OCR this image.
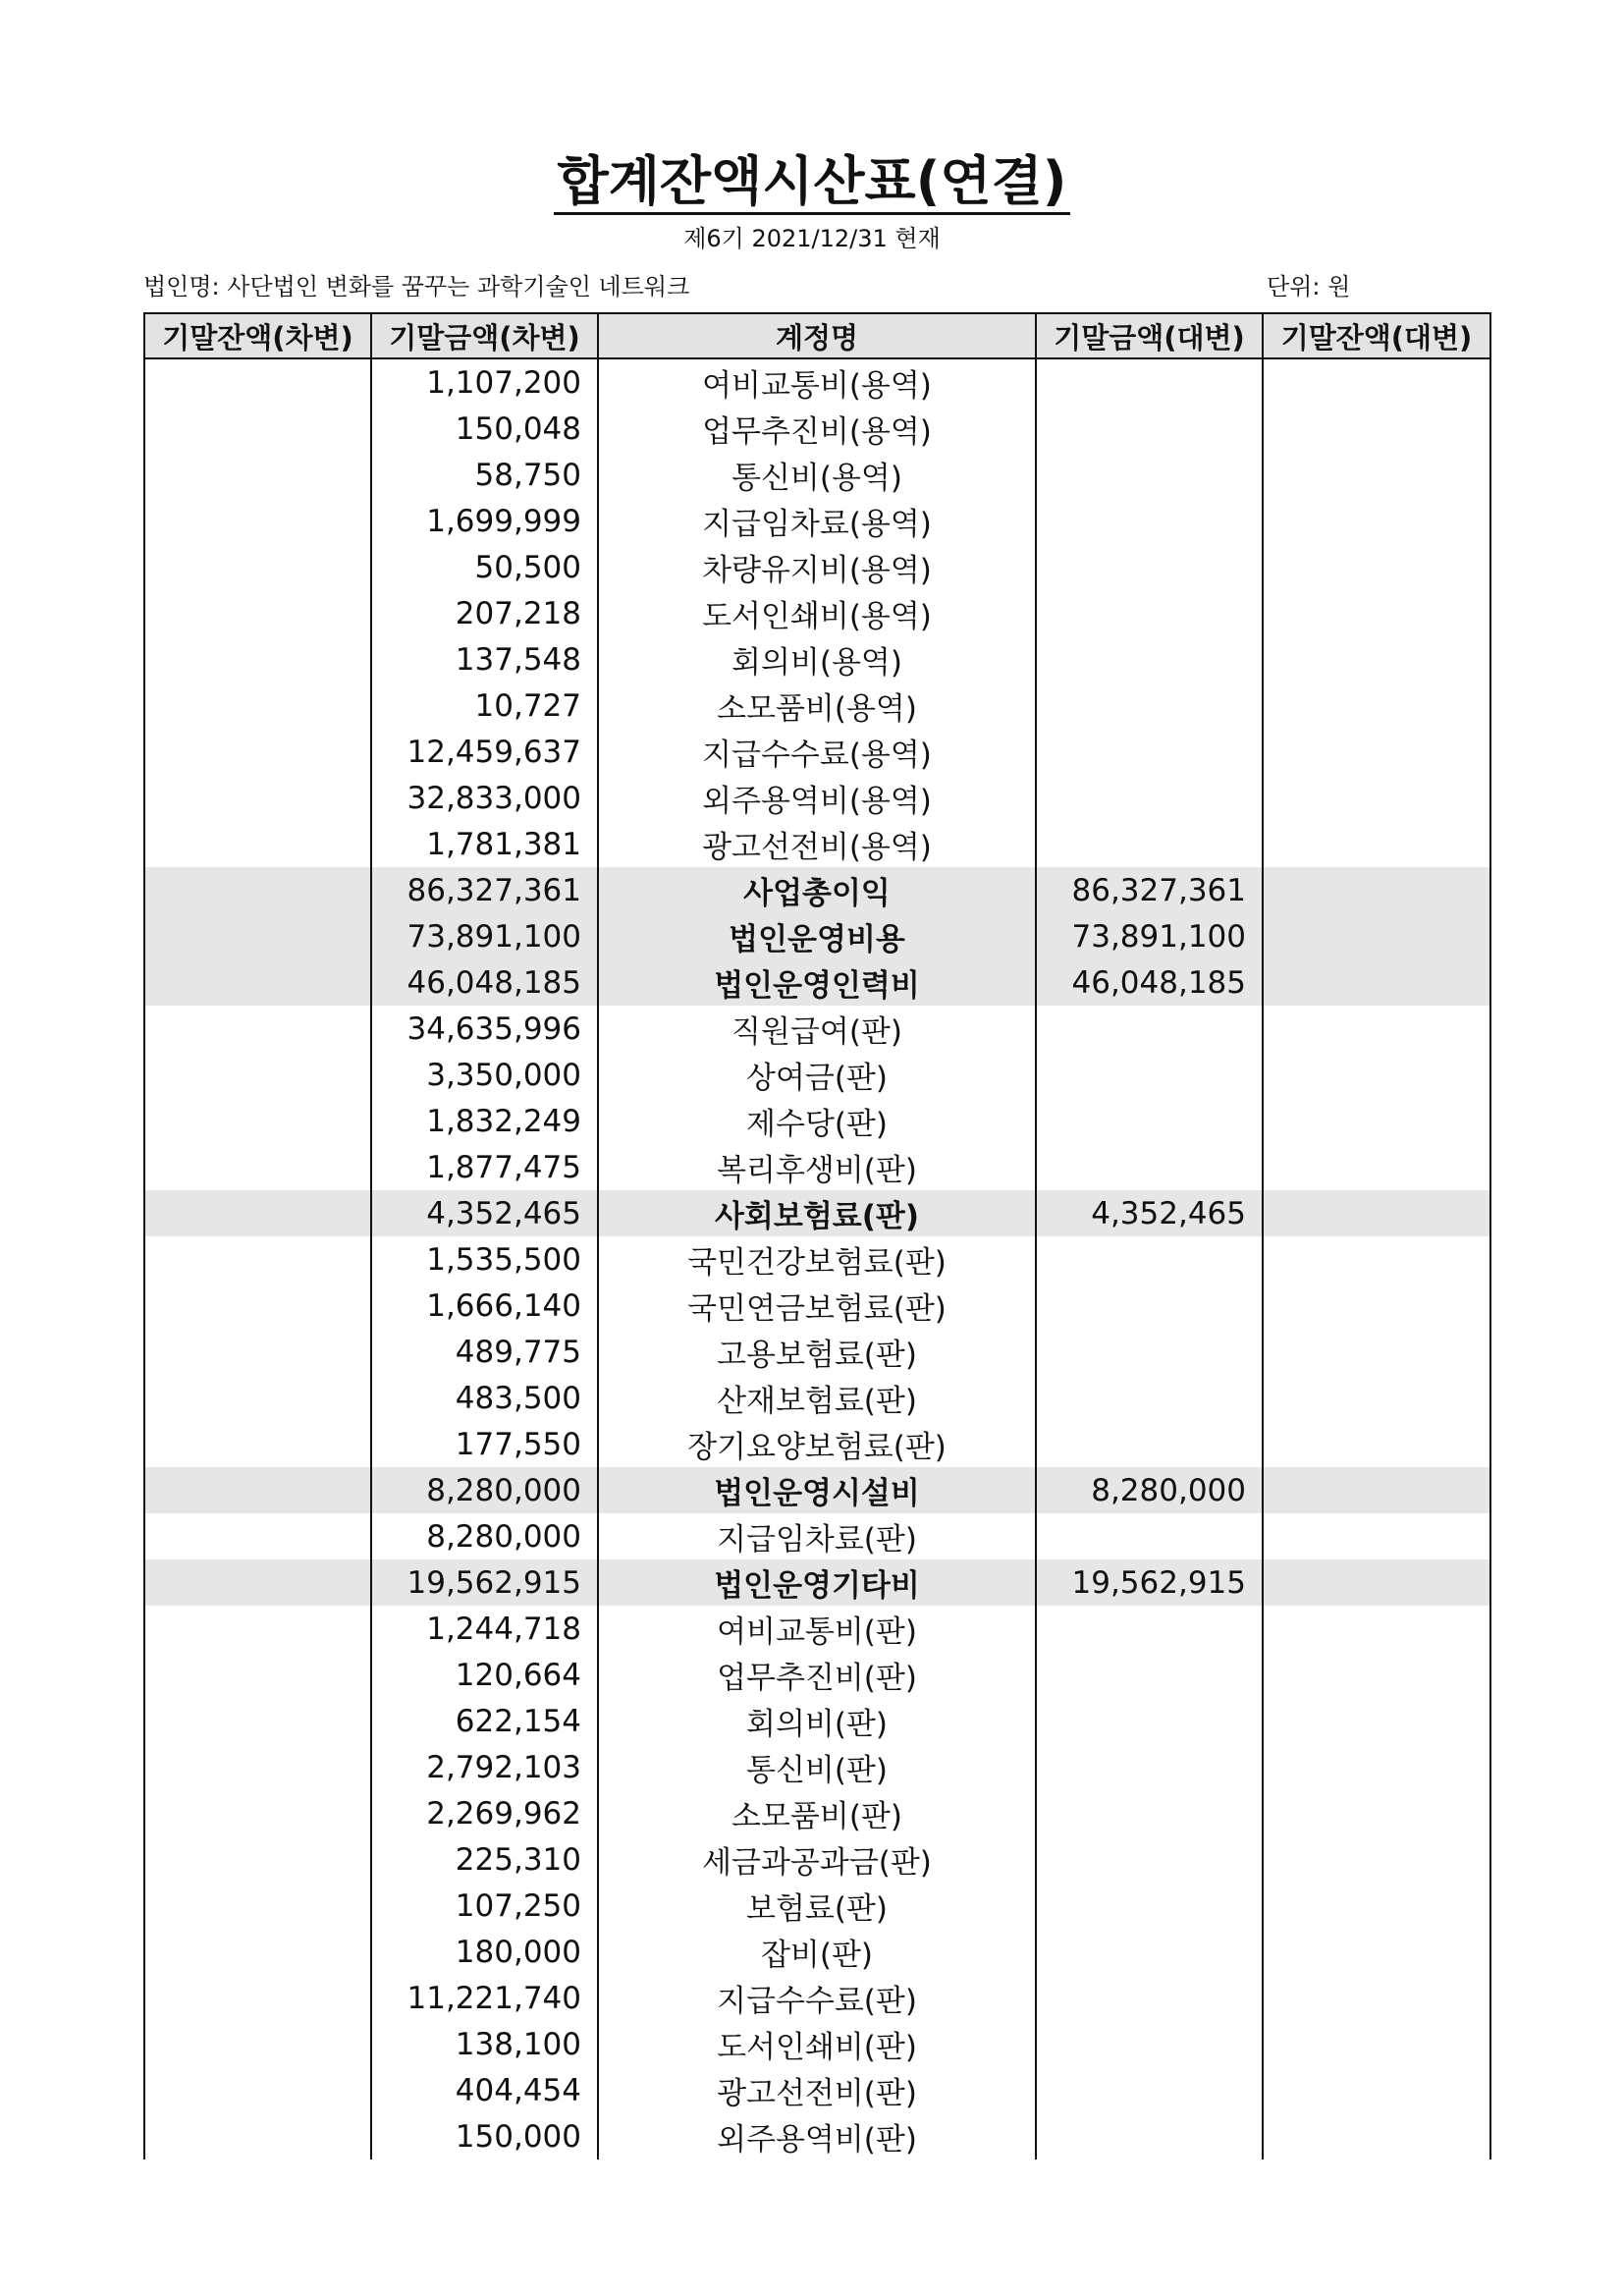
합계잔액시산표(연결)
제6기 2021/12/31 현재
법인명: 사단법인 변화를 꿈꾸는 과학기술인 네트워크	단위: 원
기말잔액(차변)	기말금액(차변)	계정명	기말금액(대변)	기말잔액(대변)
	1,107,200	여비교통비(용역)		
	150,048	업무추진비(용역)		
	58,750	통신비(용역)		
	1,699,999	지급임차료(용역)		
	50,500	차량유지비(용역)		
	207,218	도서인쇄비(용역)		
	137,548	회의비(용역)		
	10,727	소모품비(용역)		
	12,459,637	지급수수료(용역)		
	32,833,000	외주용역비(용역)		
	1,781,381	광고선전비(용역)		
	86,327,361	사업총이익	86,327,361	
	73,891,100	법인운영비용	73,891,100	
	46,048,185	법인운영인력비	46,048,185	
	34,635,996	직원급여(판)		
	3,350,000	상여금(판)		
	1,832,249	제수당(판)		
	1,877,475	복리후생비(판)		
	4,352,465	사회보험료(판)	4,352,465	
	1,535,500	국민건강보험료(판)		
	1,666,140	국민연금보험료(판)		
	489,775	고용보험료(판)		
	483,500	산재보험료(판)		
	177,550	장기요양보험료(판)		
	8,280,000	법인운영시설비	8,280,000	
	8,280,000	지급임차료(판)		
	19,562,915	법인운영기타비	19,562,915	
	1,244,718	여비교통비(판)		
	120,664	업무추진비(판)		
	622,154	회의비(판)		
	2,792,103	통신비(판)		
	2,269,962	소모품비(판)		
	225,310	세금과공과금(판)		
	107,250	보험료(판)		
	180,000	잡비(판)		
	11,221,740	지급수수료(판)		
	138,100	도서인쇄비(판)		
	404,454	광고선전비(판)		
	150,000	외주용역비(판)		
